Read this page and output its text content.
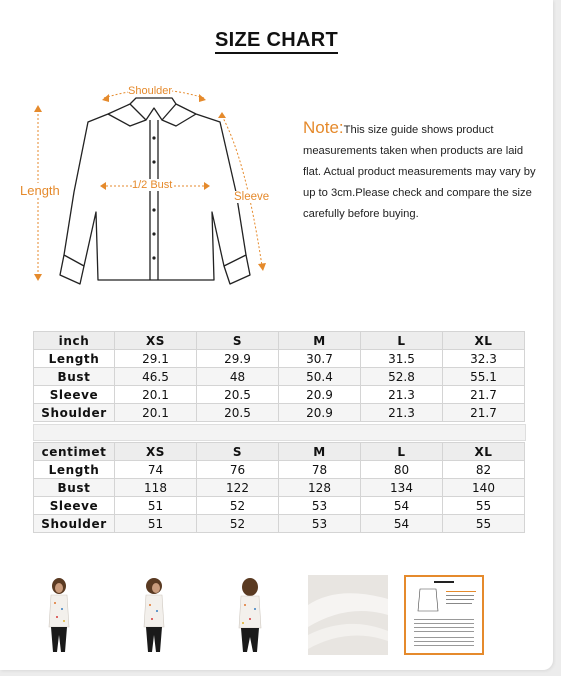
SIZE CHART
Shoulder
Length	1/2 Bust
Sleeve
Note:This size guide shows product measurements taken when products are laid flat. Actual product measurements may vary by up to 3cm.Please check and compare the size carefully before buying.
inch	XS	S	M	L	XL
Length	29.1	29.9	30.7	31.5	32.3
Bust	46.5	48	50.4	52.8	55.1
Sleeve	20.1	20.5	20.9	21.3	21.7
Shoulder	20.1	20.5	20.9	21.3	21.7
centimet	XS	S	M	L	XL
Length	74	76	78	80	82
Bust	118	122	128	134	140
Sleeve	51	52	53	54	55
Shoulder	51	52	53	54	55
